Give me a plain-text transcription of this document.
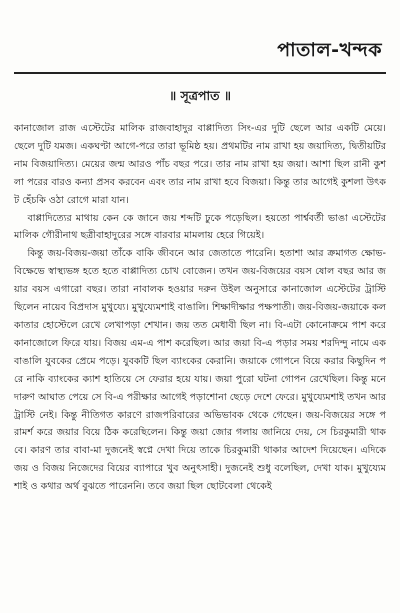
পাতাল-খন্দক
॥ সূত্রপাত ॥

কানাজোল রাজ এস্টেটের মালিক রাজবাহাদুর বাপ্পাদিত্য সিং-এর দুটি ছেলে আর একটি মেয়ে। ছেলে দুটি যমজ। একঘণ্টা আগে-পরে তারা ভূমিষ্ঠ হয়। প্রথমটির নাম রাখা হয় জয়াদিত্য, দ্বিতীয়টির নাম বিজয়াদিত্য। মেয়ের জন্ম আরও পাঁচ বছর পরে। তার নাম রাখা হয় জয়া। আশা ছিল রানী কুশলা পরের বারও কন্যা প্রসব করবেন এবং তার নাম রাখা হবে বিজয়া। কিন্তু তার আগেই কুশলা উৎকট হেঁচকি ওঠা রোগে মারা যান।

বাপ্পাদিত্যের মাথায় কেন কে জানে জয় শব্দটি ঢুকে পড়েছিল। হয়তো পার্শ্ববর্তী ভাঙা এস্টেটের মালিক গৌরীনাথ ছত্রীবাহাদুরের সঙ্গে বারবার মামলায় হেরে গিয়েই।

কিন্তু জয়-বিজয়-জয়া তাঁকে বাকি জীবনে আর জেতাতে পারেনি। হতাশা আর ক্রমাগত ক্ষোভ-বিক্ষেভে স্বাস্থ্যভঙ্গ হতে হতে বাপ্পাদিত্য চোখ বোজেন। তখন জয়-বিজয়ের বয়স ষোল বছর আর জয়ার বয়স এগারো বছর। তারা নাবালক হওয়ার দরুন উইল অনুসারে কানাজোল এস্টেটের ট্রাস্টি ছিলেন নায়েব বিপ্রদাস মুখুয্যে। মুখুয্যেমশাই বাঙালি। শিক্ষাদীক্ষার পক্ষপাতী। জয়-বিজয়-জয়াকে কলকাতার হোস্টেলে রেখে লেখাপড়া শেখান। জয় তত মেধাবী ছিল না। বি-এটা কোনোক্রমে পাশ করে কানাজোলে ফিরে যায়। বিজয় এম-এ পাশ করেছিল। আর জয়া বি-এ পড়ার সময় শরদিন্দু নামে এক বাঙালি যুবকের প্রেমে পড়ে। যুবকটি ছিল ব্যাংকের কেরানি। জয়াকে গোপনে বিয়ে করার কিছুদিন পরে নাকি ব্যাংকের ক্যাশ হাতিয়ে সে ফেরার হয়ে যায়। জয়া পুরো ঘটনা গোপন রেখেছিল। কিন্তু মনে দারুণ আঘাত পেয়ে সে বি-এ পরীক্ষার আগেই পড়াশোনা ছেড়ে দেশে ফেরে। মুখুয্যেমশাই তখন আর ট্রাস্টি নেই। কিন্তু নীতিগত কারণে রাজপরিবারের অভিভাবক থেকে গেছেন। জয়-বিজয়ের সঙ্গে পরামর্শ করে জয়ার বিয়ে ঠিক করেছিলেন। কিন্তু জয়া জোর গলায় জানিয়ে দেয়, সে চিরকুমারী থাকবে। কারণ তার বাবা-মা দুজনেই স্বপ্নে দেখা দিয়ে তাকে চিরকুমারী থাকার আদেশ দিয়েছেন। এদিকে জয় ও বিজয় নিজেদের বিয়ের ব্যাপারে খুব অনুৎসাহী। দুজনেই শুধু বলেছিল, দেখা যাক। মুখুয্যেমশাই ও কথার অর্থ বুঝতে পারেননি। তবে জয়া ছিল ছোটবেলা থেকেই
